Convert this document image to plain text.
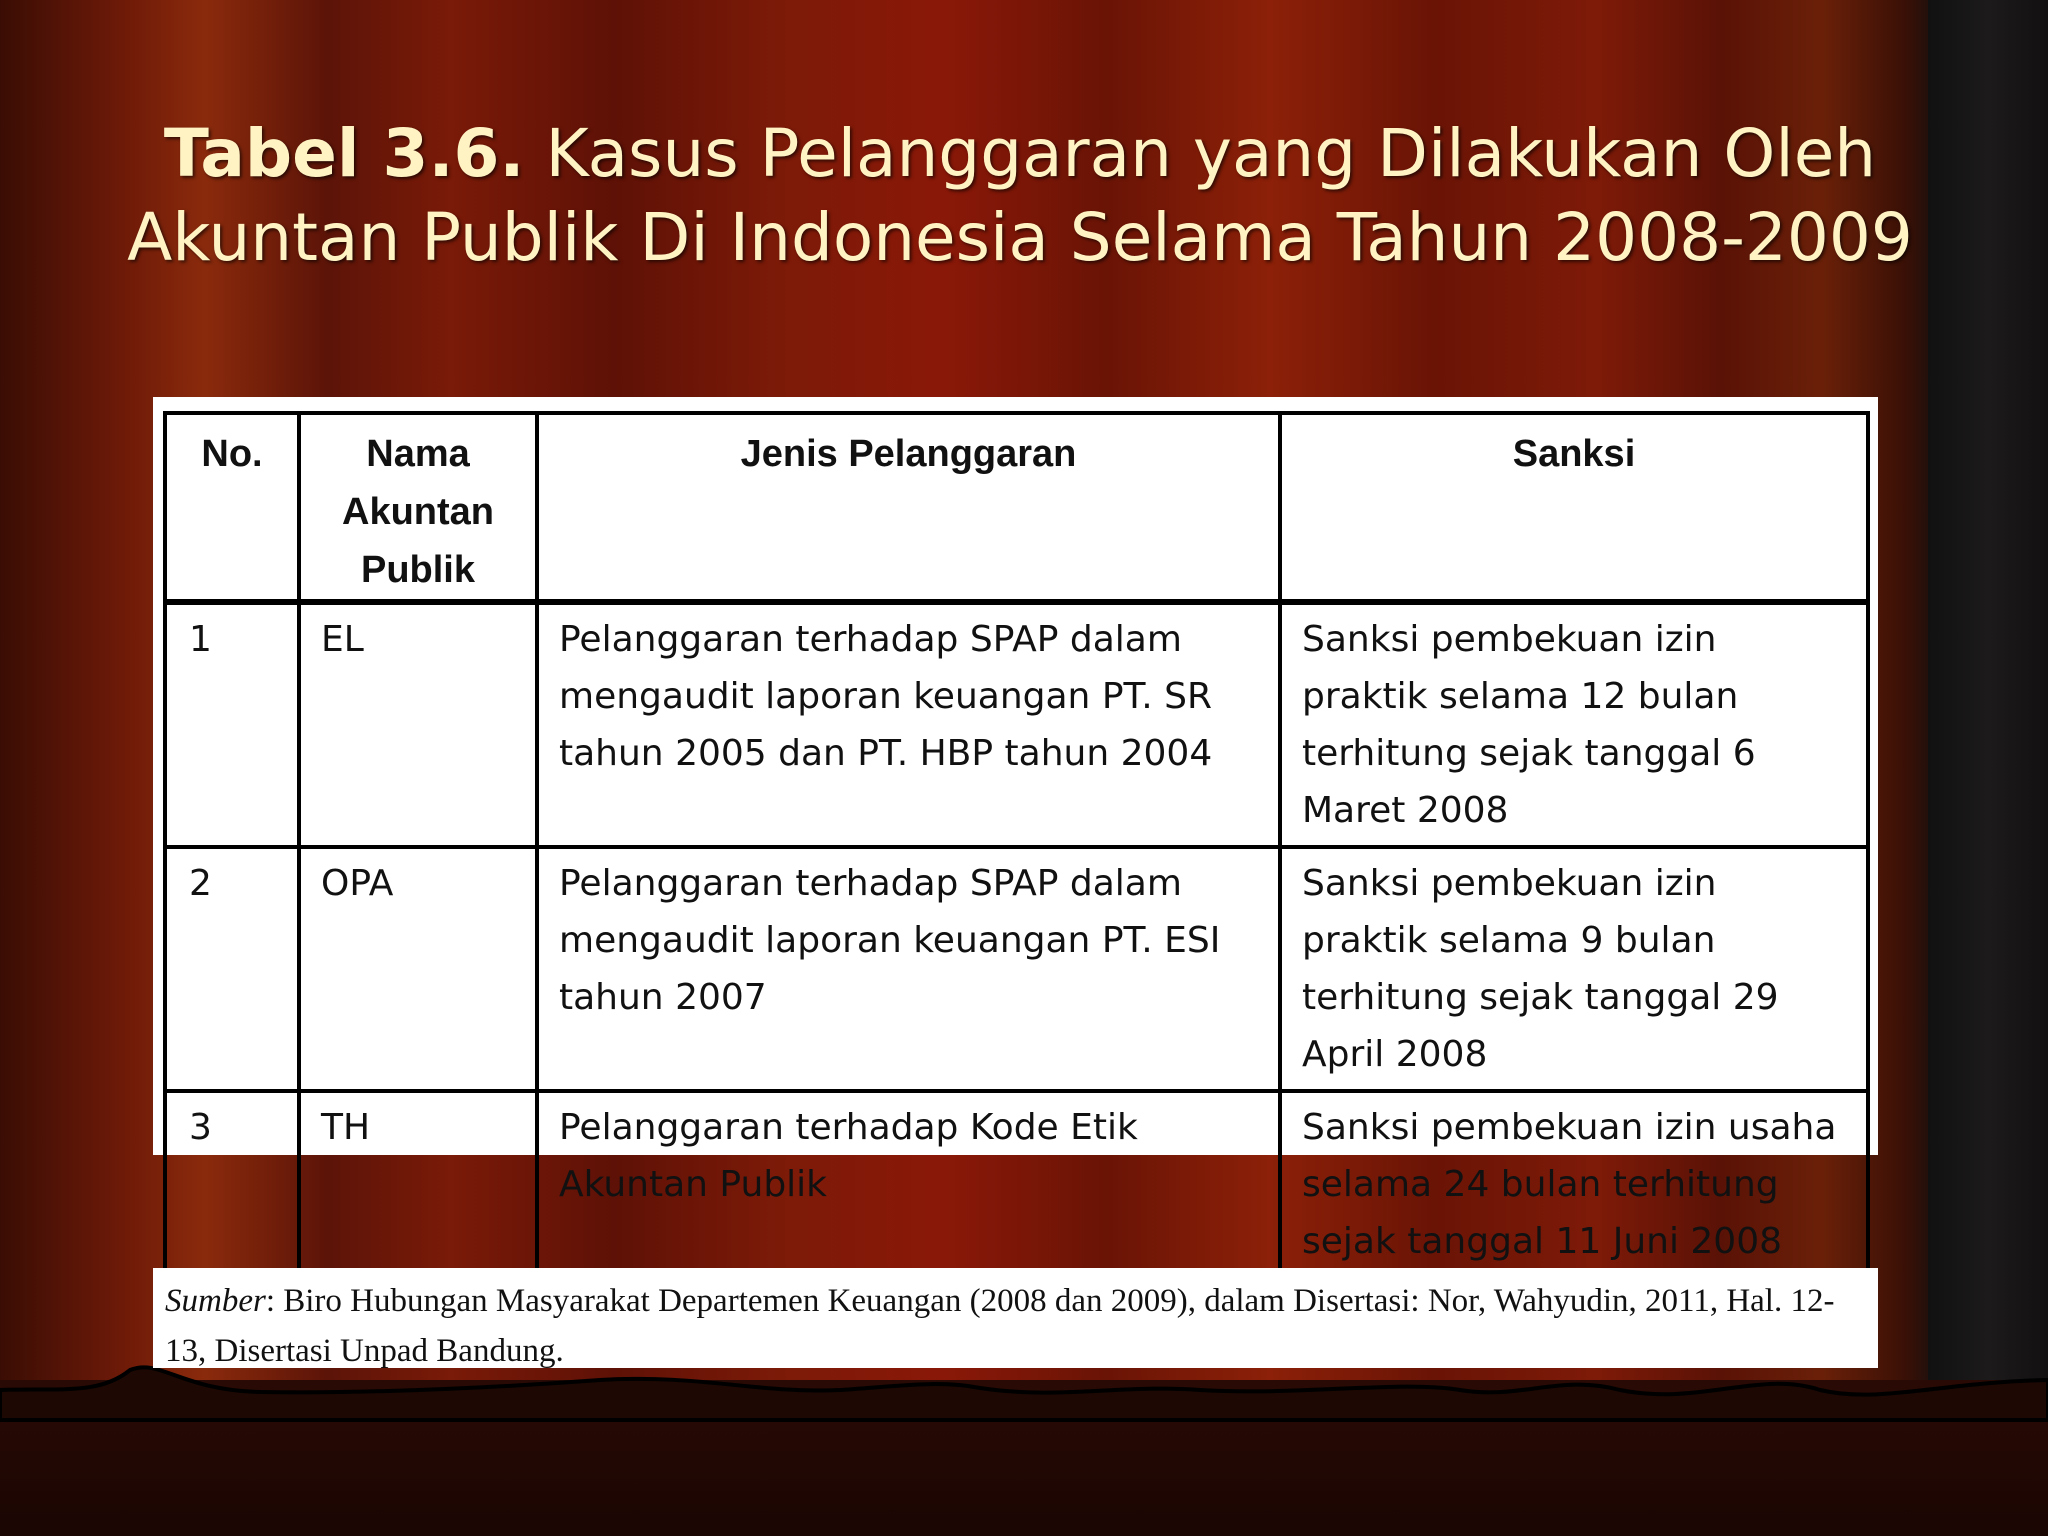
Tabel 3.6. Kasus Pelanggaran yang Dilakukan Oleh
Akuntan Publik Di Indonesia Selama Tahun 2008-2009
No.	Nama Akuntan Publik	Jenis Pelanggaran	Sanksi
1	EL	Pelanggaran terhadap SPAP dalam mengaudit laporan keuangan PT. SR tahun 2005 dan PT. HBP tahun 2004	Sanksi pembekuan izin praktik selama 12 bulan terhitung sejak tanggal 6 Maret 2008
2	OPA	Pelanggaran terhadap SPAP dalam mengaudit laporan keuangan PT. ESI tahun 2007	Sanksi pembekuan izin praktik selama 9 bulan terhitung sejak tanggal 29 April 2008
3	TH	Pelanggaran terhadap Kode Etik Akuntan Publik	Sanksi pembekuan izin usaha selama 24 bulan terhitung sejak tanggal 11 Juni 2008
Sumber: Biro Hubungan Masyarakat Departemen Keuangan (2008 dan 2009), dalam Disertasi: Nor, Wahyudin, 2011, Hal. 12-13, Disertasi Unpad Bandung.
